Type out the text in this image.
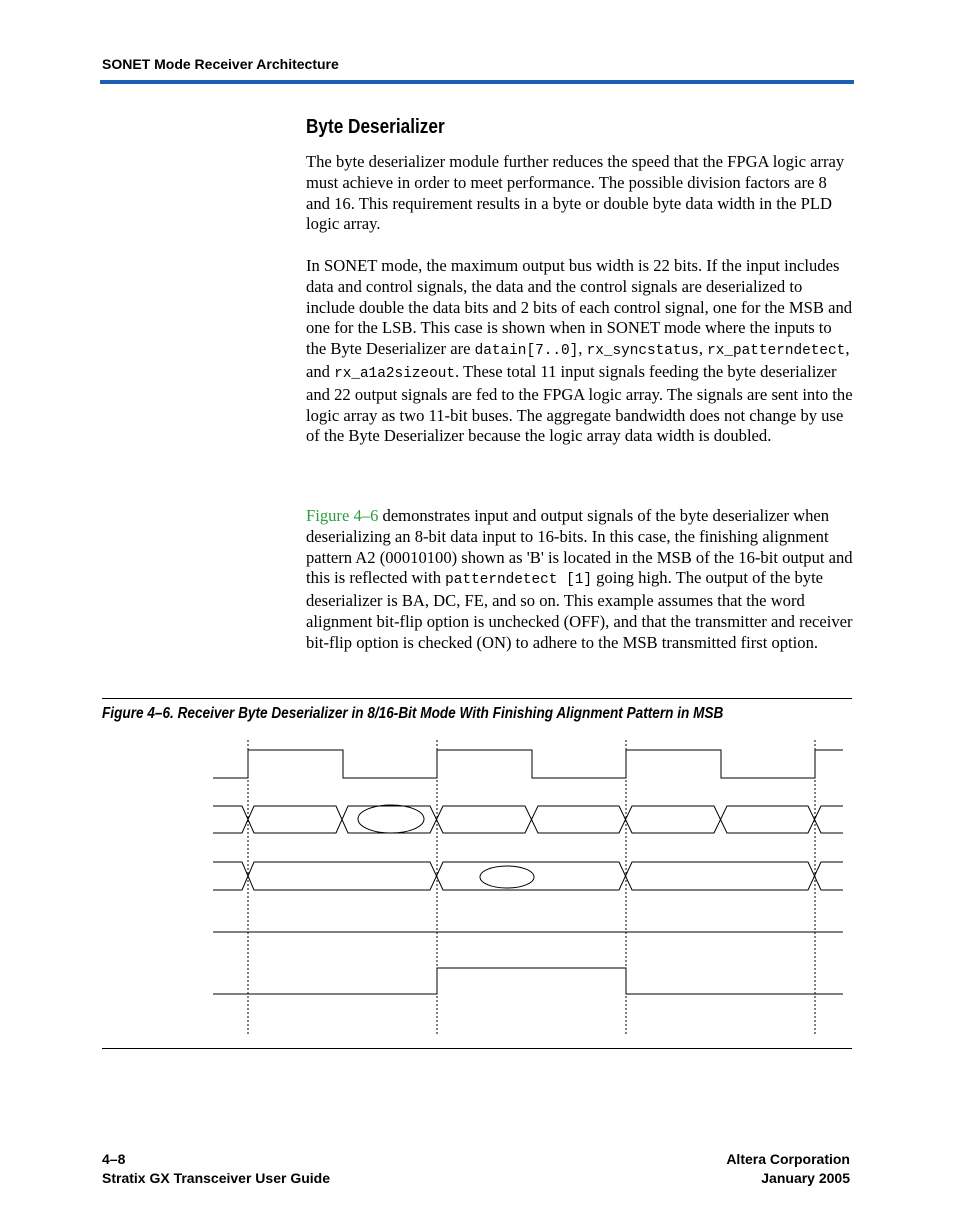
SONET Mode Receiver Architecture
Byte Deserializer

The byte deserializer module further reduces the speed that the FPGA logic array must achieve in order to meet performance. The possible division factors are 8 and 16. This requirement results in a byte or double byte data width in the PLD logic array.

In SONET mode, the maximum output bus width is 22 bits. If the input includes data and control signals, the data and the control signals are deserialized to include double the data bits and 2 bits of each control signal, one for the MSB and one for the LSB. This case is shown when in SONET mode where the inputs to the Byte Deserializer are datain[7..0], rx_syncstatus, rx_patterndetect, and rx_a1a2sizeout. These total 11 input signals feeding the byte deserializer and 22 output signals are fed to the FPGA logic array. The signals are sent into the logic array as two 11-bit buses. The aggregate bandwidth does not change by use of the Byte Deserializer because the logic array data width is doubled.

Figure 4–6 demonstrates input and output signals of the byte deserializer when deserializing an 8-bit data input to 16-bits. In this case, the finishing alignment pattern A2 (00010100) shown as 'B' is located in the MSB of the 16-bit output and this is reflected with patterndetect [1] going high. The output of the byte deserializer is BA, DC, FE, and so on. This example assumes that the word alignment bit-flip option is unchecked (OFF), and that the transmitter and receiver bit-flip option is checked (ON) to adhere to the MSB transmitted first option.

Figure 4–6. Receiver Byte Deserializer in 8/16-Bit Mode With Finishing Alignment Pattern in MSB
4–8
Stratix GX Transceiver User Guide
Altera Corporation
January 2005
